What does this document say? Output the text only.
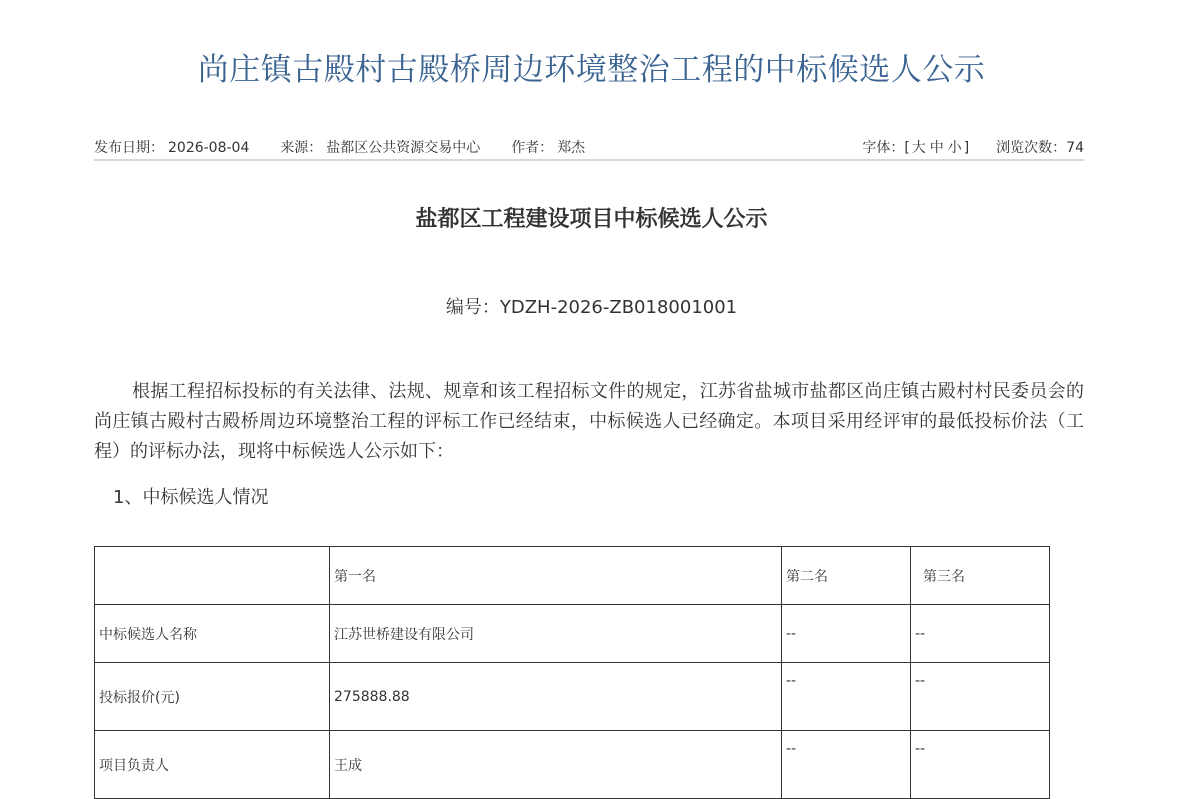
尚庄镇古殿村古殿桥周边环境整治工程的中标候选人公示
发布日期： 2026-08-04 来源： 盐都区公共资源交易中心 作者： 郑杰	字体：[ 大 中 小 ] 浏览次数：74
盐都区工程建设项目中标候选人公示
编号：YDZH-2026-ZB018001001

根据工程招标投标的有关法律、法规、规章和该工程招标文件的规定，江苏省盐城市盐都区尚庄镇古殿村村民委员会的尚庄镇古殿村古殿桥周边环境整治工程的评标工作已经结束，中标候选人已经确定。本项目采用经评审的最低投标价法（工程）的评标办法，现将中标候选人公示如下：

1、中标候选人情况
	第一名	第二名	第三名
中标候选人名称	江苏世桥建设有限公司	--	--
投标报价(元)	275888.88	--	--
项目负责人	王成	--	--
